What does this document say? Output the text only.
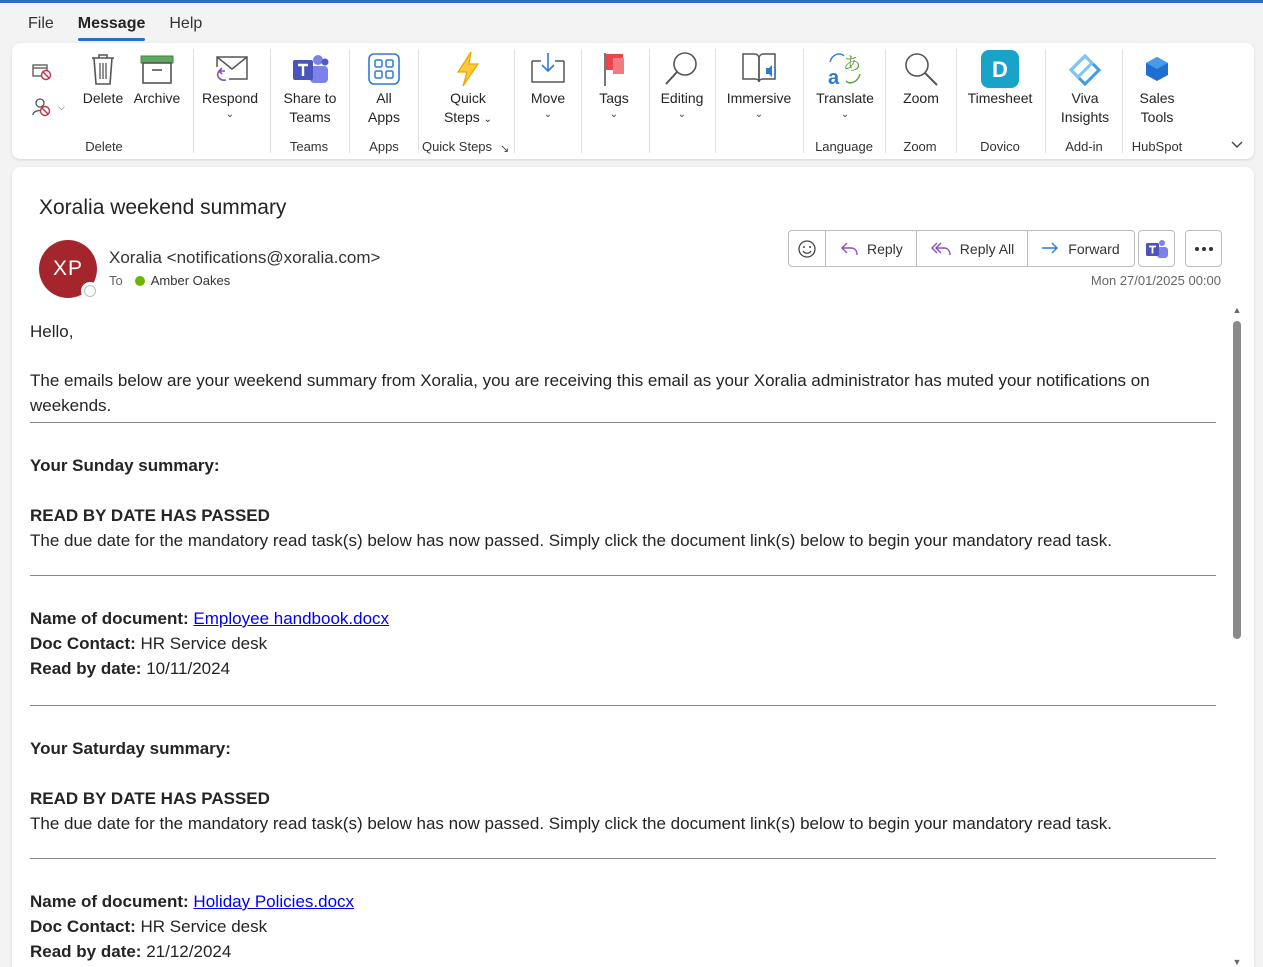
File	Message	Help
⌵
Delete Archive
Delete
Respond
⌄
Share to
Teams
Teams
All
Apps
Apps
Quick
Steps ⌄
Quick Steps ↘
Move
⌄
Tags
⌄
Editing
⌄
Immersive
⌄
a
あ
Translate
⌄
Language
Zoom
Zoom
D
Timesheet
Dovico
Viva
Insights
Add-in
Sales
Tools
HubSpot
Xoralia weekend summary
XP Xoralia <notifications@xoralia.com>
To Amber Oakes	Mon 27/01/2025 00:00
Reply	Reply All	Forward

Hello,

The emails below are your weekend summary from Xoralia, you are receiving this email as your Xoralia administrator has muted your notifications on weekends.

Your Sunday summary:

READ BY DATE HAS PASSED

The due date for the mandatory read task(s) below has now passed. Simply click the document link(s) below to begin your mandatory read task.

Name of document: Employee handbook.docx

Doc Contact: HR Service desk

Read by date: 10/11/2024

Your Saturday summary:

READ BY DATE HAS PASSED

The due date for the mandatory read task(s) below has now passed. Simply click the document link(s) below to begin your mandatory read task.

Name of document: Holiday Policies.docx

Doc Contact: HR Service desk

Read by date: 21/12/2024

▲
▼
